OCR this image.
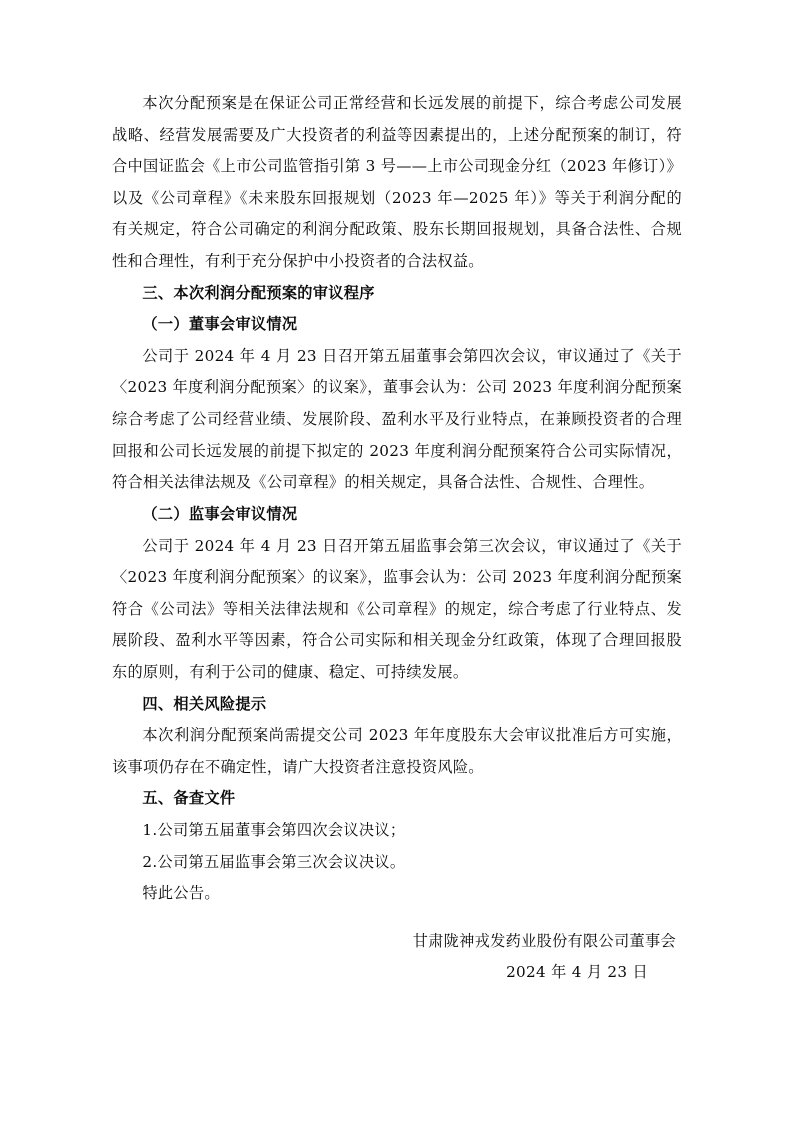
本次分配预案是在保证公司正常经营和长远发展的前提下，综合考虑公司发展战略、经营发展需要及广大投资者的利益等因素提出的，上述分配预案的制订，符合中国证监会《上市公司监管指引第 3 号——上市公司现金分红（2023 年修订）》以及《公司章程》《未来股东回报规划（2023 年—2025 年）》等关于利润分配的有关规定，符合公司确定的利润分配政策、股东长期回报规划，具备合法性、合规性和合理性，有利于充分保护中小投资者的合法权益。

三、本次利润分配预案的审议程序
（一）董事会审议情况

公司于 2024 年 4 月 23 日召开第五届董事会第四次会议，审议通过了《关于〈2023 年度利润分配预案〉的议案》，董事会认为：公司 2023 年度利润分配预案综合考虑了公司经营业绩、发展阶段、盈利水平及行业特点，在兼顾投资者的合理回报和公司长远发展的前提下拟定的 2023 年度利润分配预案符合公司实际情况，符合相关法律法规及《公司章程》的相关规定，具备合法性、合规性、合理性。

（二）监事会审议情况

公司于 2024 年 4 月 23 日召开第五届监事会第三次会议，审议通过了《关于〈2023 年度利润分配预案〉的议案》，监事会认为：公司 2023 年度利润分配预案符合《公司法》等相关法律法规和《公司章程》的规定，综合考虑了行业特点、发展阶段、盈利水平等因素，符合公司实际和相关现金分红政策，体现了合理回报股东的原则，有利于公司的健康、稳定、可持续发展。

四、相关风险提示

本次利润分配预案尚需提交公司 2023 年年度股东大会审议批准后方可实施，该事项仍存在不确定性，请广大投资者注意投资风险。

五、备查文件

1.公司第五届董事会第四次会议决议；

2.公司第五届监事会第三次会议决议。

特此公告。

甘肃陇神戎发药业股份有限公司董事会

2024 年 4 月 23 日
